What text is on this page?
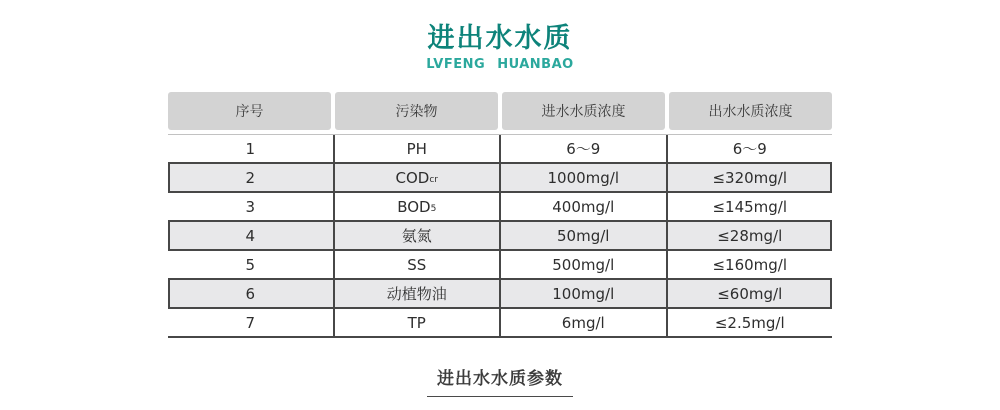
进出水水质
LVFENG HUANBAO
序号	污染物	进水水质浓度	出水水质浓度
1	PH	6～9	6～9
2	$COD_{cr}$	1000mg/l	≤320mg/l
3	$BOD_5$	400mg/l	≤145mg/l
4	氨氮	50mg/l	≤28mg/l
5	SS	500mg/l	≤160mg/l
6	动植物油	100mg/l	≤60mg/l
7	TP	6mg/l	≤2.5mg/l
进出水水质参数
